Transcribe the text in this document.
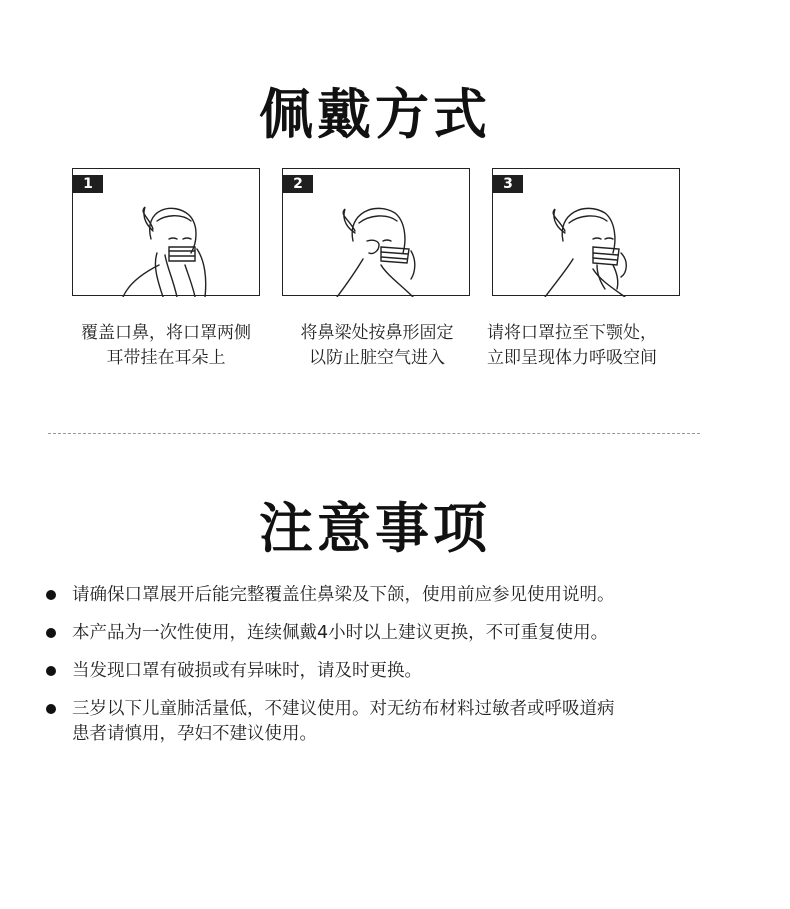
佩戴方式
1	2	3
覆盖口鼻，将口罩两侧
耳带挂在耳朵上
将鼻梁处按鼻形固定
以防止脏空气进入
请将口罩拉至下颚处，
立即呈现体力呼吸空间
注意事项
请确保口罩展开后能完整覆盖住鼻梁及下颌，使用前应参见使用说明。
本产品为一次性使用，连续佩戴4小时以上建议更换，不可重复使用。
当发现口罩有破损或有异味时，请及时更换。
三岁以下儿童肺活量低，不建议使用。对无纺布材料过敏者或呼吸道病
患者请慎用，孕妇不建议使用。
